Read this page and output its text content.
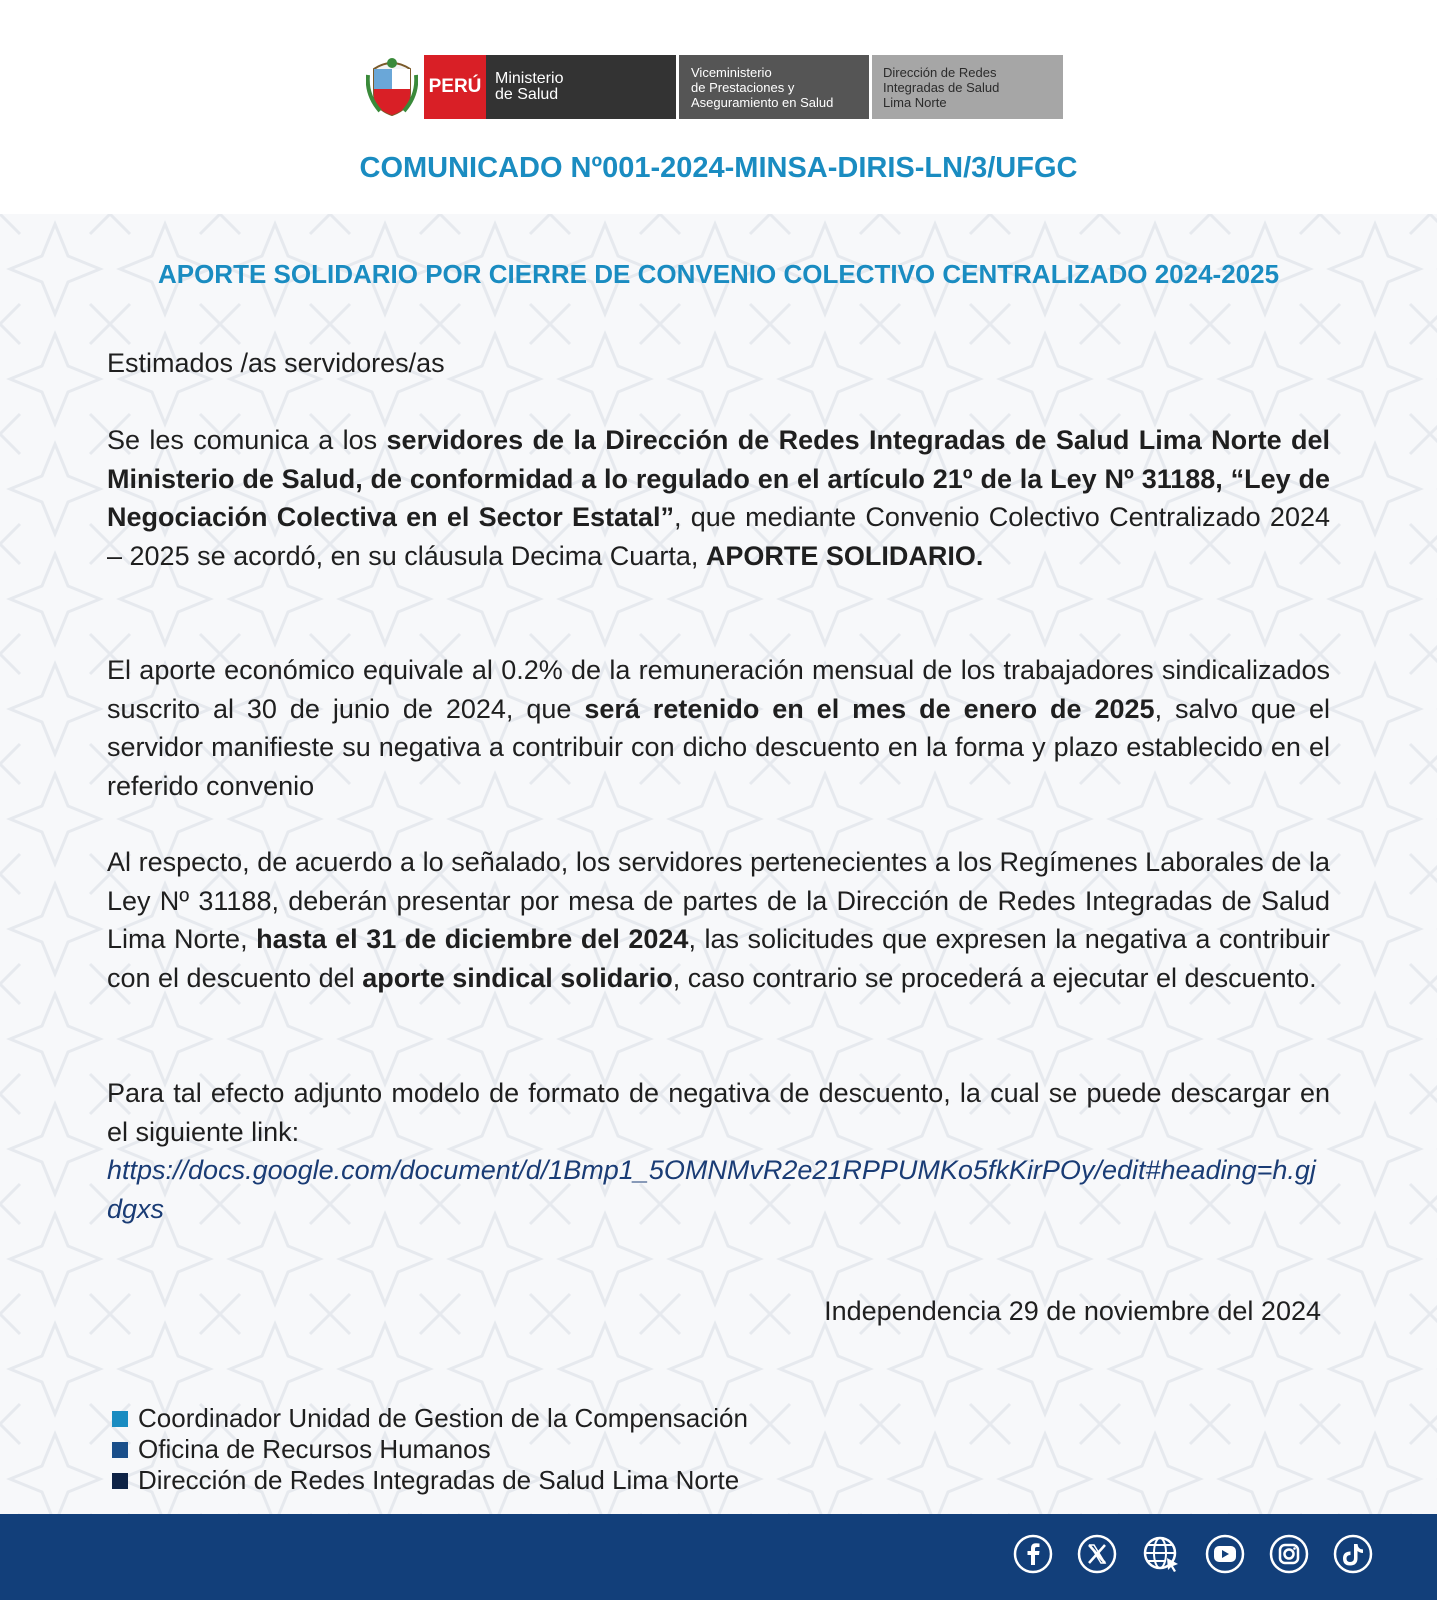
PERÚ Ministerio
de Salud
Viceministerio
de Prestaciones y
Aseguramiento en Salud
Dirección de Redes
Integradas de Salud
Lima Norte
COMUNICADO Nº001-2024-MINSA-DIRIS-LN/3/UFGC
APORTE SOLIDARIO POR CIERRE DE CONVENIO COLECTIVO CENTRALIZADO 2024-2025
Estimados /as servidores/as
Se les comunica a los servidores de la Dirección de Redes Integradas de Salud Lima Norte del Ministerio de Salud, de conformidad a lo regulado en el artículo 21º de la Ley Nº 31188, “Ley de Negociación Colectiva en el Sector Estatal”, que mediante Convenio Colectivo Centralizado 2024 – 2025 se acordó, en su cláusula Decima Cuarta, APORTE SOLIDARIO.
El aporte económico equivale al 0.2% de la remuneración mensual de los trabajadores sindicalizados suscrito al 30 de junio de 2024, que será retenido en el mes de enero de 2025, salvo que el servidor manifieste su negativa a contribuir con dicho descuento en la forma y plazo establecido en el referido convenio
Al respecto, de acuerdo a lo señalado, los servidores pertenecientes a los Regímenes Laborales de la Ley Nº 31188, deberán presentar por mesa de partes de la Dirección de Redes Integradas de Salud Lima Norte, hasta el 31 de diciembre del 2024, las solicitudes que expresen la negativa a contribuir con el descuento del aporte sindical solidario, caso contrario se procederá a ejecutar el descuento.
Para tal efecto adjunto modelo de formato de negativa de descuento, la cual se puede descargar en el siguiente link:
https://docs.google.com/document/d/1Bmp1_5OMNMvR2e21RPPUMKo5fkKirPOy/edit#heading=h.gjdgxs
Independencia 29 de noviembre del 2024
Coordinador Unidad de Gestion de la Compensación
Oficina de Recursos Humanos
Dirección de Redes Integradas de Salud Lima Norte
